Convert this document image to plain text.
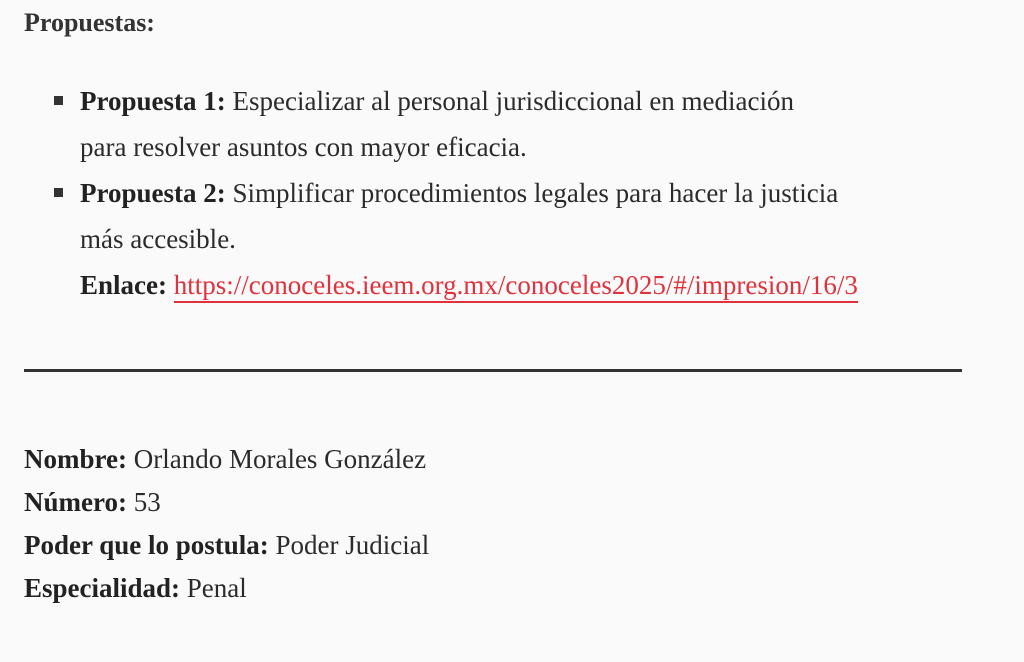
Propuestas:
Propuesta 1: Especializar al personal jurisdiccional en mediación
para resolver asuntos con mayor eficacia.
Propuesta 2: Simplificar procedimientos legales para hacer la justicia
más accesible.
Enlace: https://conoceles.ieem.org.mx/conoceles2025/#/impresion/16/3
Nombre: Orlando Morales González
Número: 53
Poder que lo postula: Poder Judicial
Especialidad: Penal
